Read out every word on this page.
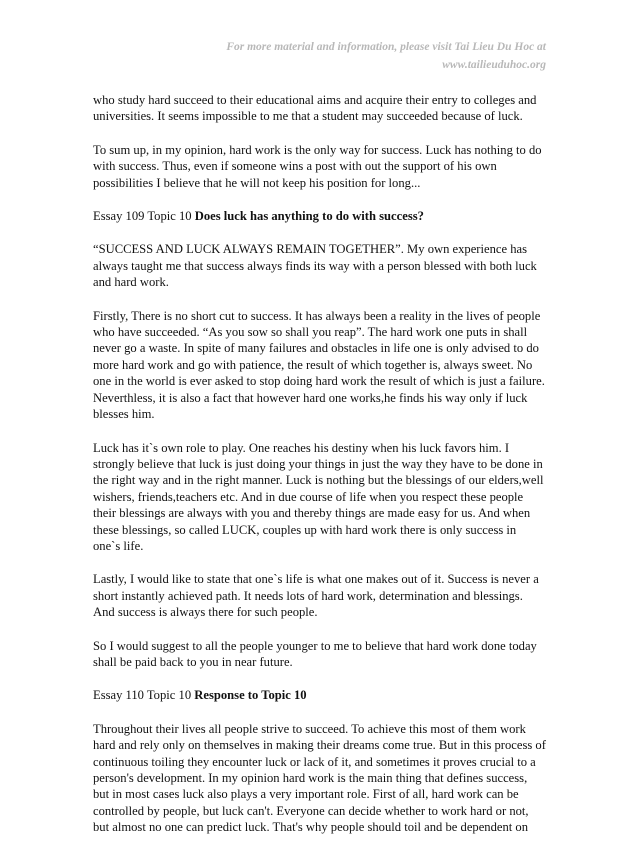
For more material and information, please visit Tai Lieu Du Hoc at
www.tailieuduhoc.org

who study hard succeed to their educational aims and acquire their entry to colleges and
universities. It seems impossible to me that a student may succeeded because of luck.

To sum up, in my opinion, hard work is the only way for success. Luck has nothing to do
with success. Thus, even if someone wins a post with out the support of his own
possibilities I believe that he will not keep his position for long...

Essay 109 Topic 10 Does luck has anything to do with success?

“SUCCESS AND LUCK ALWAYS REMAIN TOGETHER”. My own experience has
always taught me that success always finds its way with a person blessed with both luck
and hard work.

Firstly, There is no short cut to success. It has always been a reality in the lives of people
who have succeeded. “As you sow so shall you reap”. The hard work one puts in shall
never go a waste. In spite of many failures and obstacles in life one is only advised to do
more hard work and go with patience, the result of which together is, always sweet. No
one in the world is ever asked to stop doing hard work the result of which is just a failure.
Neverthless, it is also a fact that however hard one works,he finds his way only if luck
blesses him.

Luck has it`s own role to play. One reaches his destiny when his luck favors him. I
strongly believe that luck is just doing your things in just the way they have to be done in
the right way and in the right manner. Luck is nothing but the blessings of our elders,well
wishers, friends,teachers etc. And in due course of life when you respect these people
their blessings are always with you and thereby things are made easy for us. And when
these blessings, so called LUCK, couples up with hard work there is only success in
one`s life.

Lastly, I would like to state that one`s life is what one makes out of it. Success is never a
short instantly achieved path. It needs lots of hard work, determination and blessings.
And success is always there for such people.

So I would suggest to all the people younger to me to believe that hard work done today
shall be paid back to you in near future.

Essay 110 Topic 10 Response to Topic 10

Throughout their lives all people strive to succeed. To achieve this most of them work
hard and rely only on themselves in making their dreams come true. But in this process of
continuous toiling they encounter luck or lack of it, and sometimes it proves crucial to a
person's development. In my opinion hard work is the main thing that defines success,
but in most cases luck also plays a very important role. First of all, hard work can be
controlled by people, but luck can't. Everyone can decide whether to work hard or not,
but almost no one can predict luck. That's why people should toil and be dependent on
